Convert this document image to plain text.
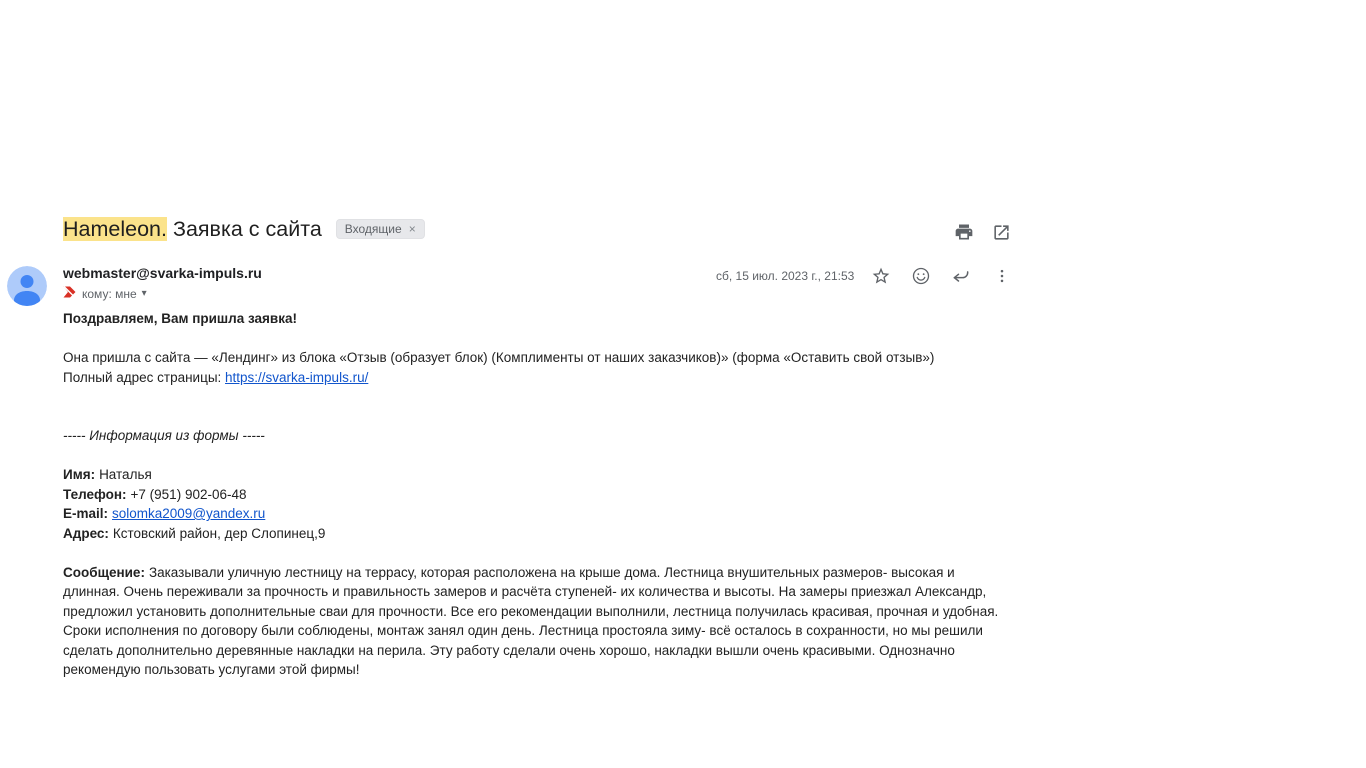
Hameleon. Заявка с сайта Входящие ×
webmaster@svarka-impuls.ru
кому: мне ▾
сб, 15 июл. 2023 г., 21:53
Поздравляем, Вам пришла заявка!
Она пришла с сайта — «Лендинг» из блока «Отзыв (образует блок) (Комплименты от наших заказчиков)» (форма «Оставить свой отзыв»)
Полный адрес страницы: https://svarka-impuls.ru/
----- Информация из формы -----
Имя: Наталья
Телефон: +7 (951) 902-06-48
E-mail: solomka2009@yandex.ru
Адрес: Кстовский район, дер Слопинец,9
Сообщение: Заказывали уличную лестницу на террасу, которая расположена на крыше дома. Лестница внушительных размеров- высокая и длинная. Очень переживали за прочность и правильность замеров и расчёта ступеней- их количества и высоты. На замеры приезжал Александр, предложил установить дополнительные сваи для прочности. Все его рекомендации выполнили, лестница получилась красивая, прочная и удобная. Сроки исполнения по договору были соблюдены, монтаж занял один день. Лестница простояла зиму- всё осталось в сохранности, но мы решили сделать дополнительно деревянные накладки на перила. Эту работу сделали очень хорошо, накладки вышли очень красивыми. Однозначно рекомендую пользовать услугами этой фирмы!
